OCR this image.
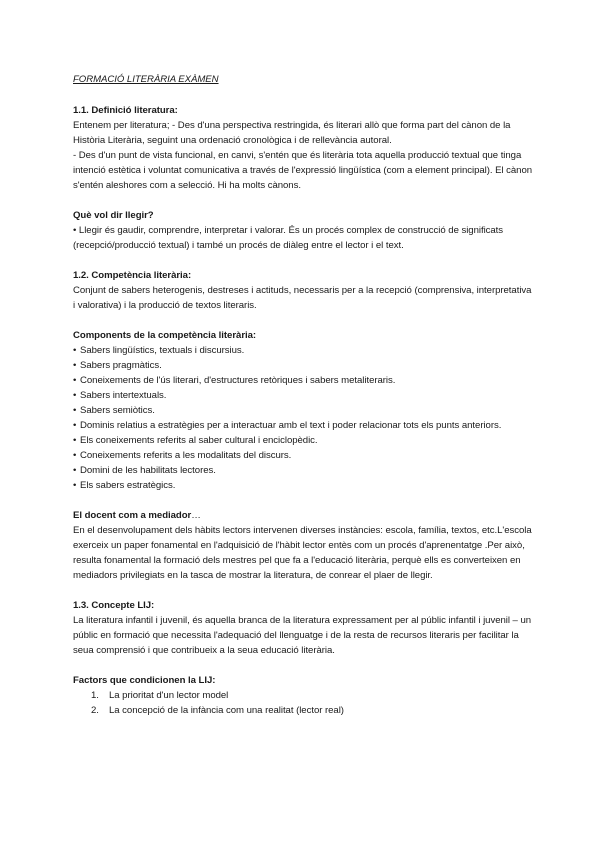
FORMACIÓ LITERÀRIA EXÀMEN

1.1. Definició literatura:

Entenem per literatura; - Des d'una perspectiva restringida, és literari allò que forma part del cànon de la Història Literària, seguint una ordenació cronològica i de rellevància autoral.

- Des d'un punt de vista funcional, en canvi, s'entén que és literària tota aquella producció textual que tinga intenció estètica i voluntat comunicativa a través de l'expressió lingüística (com a element principal). El cànon s'entén aleshores com a selecció. Hi ha molts cànons.

Què vol dir llegir?

• Llegir és gaudir, comprendre, interpretar i valorar. És un procés complex de construcció de significats (recepció/producció textual) i també un procés de diàleg entre el lector i el text.

1.2. Competència literària:

Conjunt de sabers heterogenis, destreses i actituds, necessaris per a la recepció (comprensiva, interpretativa i valorativa) i la producció de textos literaris.

Components de la competència literària:

• Sabers lingüístics, textuals i discursius.
• Sabers pragmàtics.
• Coneixements de l'ús literari, d'estructures retòriques i sabers metaliteraris.
• Sabers intertextuals.
• Sabers semiòtics.
• Dominis relatius a estratègies per a interactuar amb el text i poder relacionar tots els punts anteriors.
• Els coneixements referits al saber cultural i enciclopèdic.
• Coneixements referits a les modalitats del discurs.
• Domini de les habilitats lectores.
• Els sabers estratègics.

El docent com a mediador…

En el desenvolupament dels hàbits lectors intervenen diverses instàncies: escola, família, textos, etc.L'escola exerceix un paper fonamental en l'adquisició de l'hàbit lector entès com un procés d'aprenentatge .Per això, resulta fonamental la formació dels mestres pel que fa a l'educació literària, perquè ells es converteixen en mediadors privilegiats en la tasca de mostrar la literatura, de conrear el plaer de llegir.

1.3. Concepte LIJ:

La literatura infantil i juvenil, és aquella branca de la literatura expressament per al públic infantil i juvenil – un públic en formació que necessita l'adequació del llenguatge i de la resta de recursos literaris per facilitar la seua comprensió i que contribueix a la seua educació literària.

Factors que condicionen la LIJ:

1. La prioritat d'un lector model
2. La concepció de la infància com una realitat (lector real)
